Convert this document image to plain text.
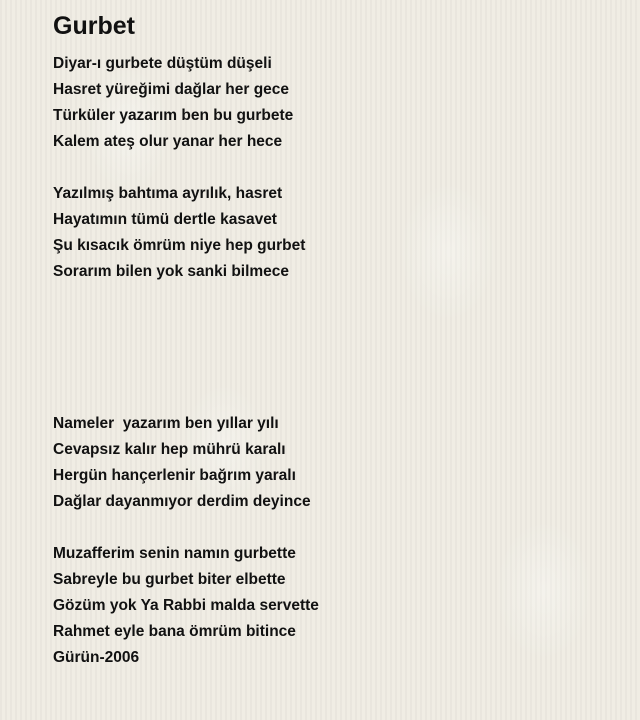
Gurbet
Diyar-ı gurbete düştüm düşeli
Hasret yüreğimi dağlar her gece
Türküler yazarım ben bu gurbete
Kalem ateş olur yanar her hece
Yazılmış bahtıma ayrılık, hasret
Hayatımın tümü dertle kasavet
Şu kısacık ömrüm niye hep gurbet
Sorarım bilen yok sanki bilmece
Nameler  yazarım ben yıllar yılı
Cevapsız kalır hep mührü karalı
Hergün hançerlenir bağrım yaralı
Dağlar dayanmıyor derdim deyince
Muzafferim senin namın gurbette
Sabreyle bu gurbet biter elbette
Gözüm yok Ya Rabbi malda servette
Rahmet eyle bana ömrüm bitince
Gürün-2006
